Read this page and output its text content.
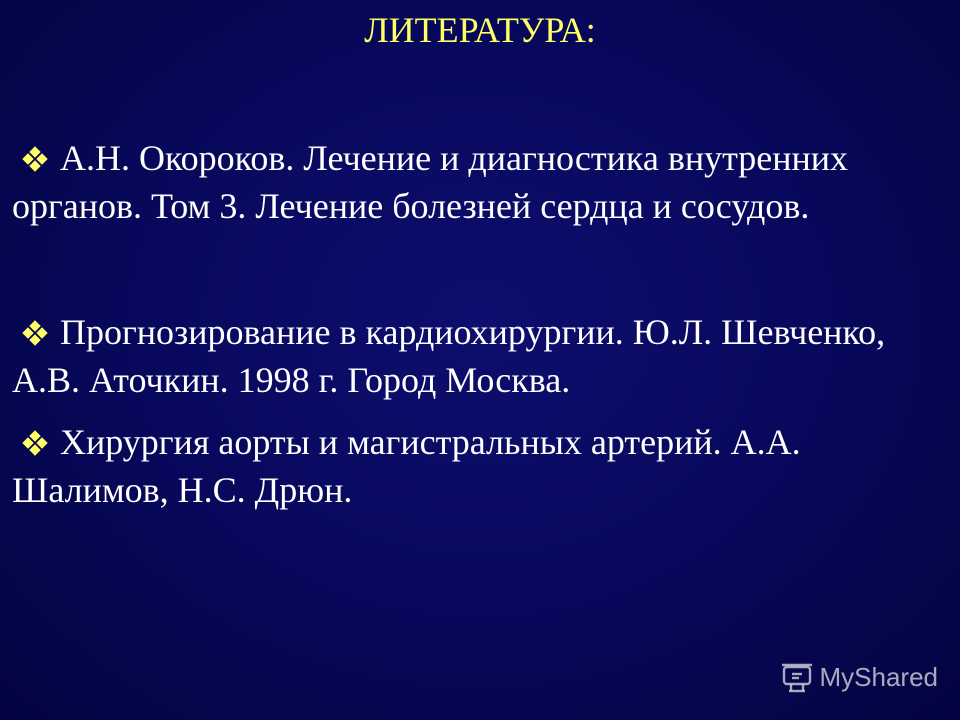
ЛИТЕРАТУРА:
А.Н. Окороков. Лечение и диагностика внутренних органов. Том 3. Лечение болезней сердца и сосудов.
Прогнозирование в кардиохирургии. Ю.Л. Шевченко, А.В. Аточкин. 1998 г. Город Москва.
Хирургия аорты и магистральных артерий. А.А. Шалимов, Н.С. Дрюн.
MyShared
